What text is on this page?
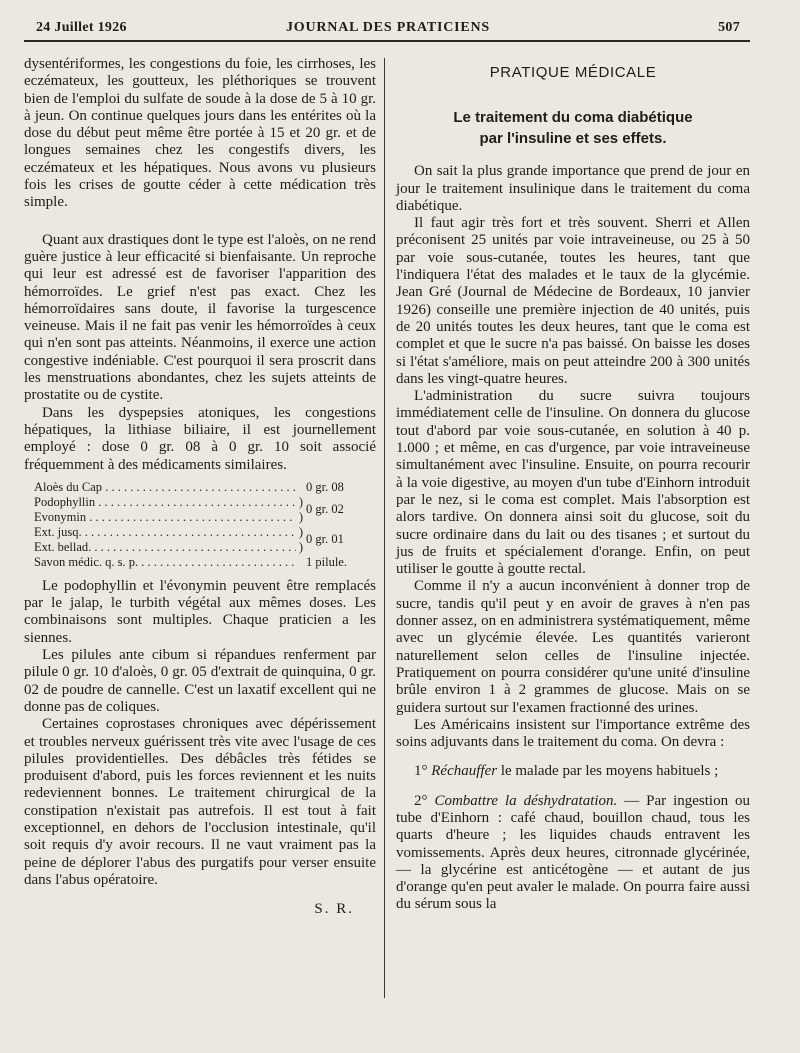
24 Juillet 1926	JOURNAL DES PRATICIENS	507

dysentériformes, les congestions du foie, les cirrhoses, les eczémateux, les goutteux, les pléthoriques se trouvent bien de l'emploi du sulfate de soude à la dose de 5 à 10 gr. à jeun. On continue quelques jours dans les entérites où la dose du début peut même être portée à 15 et 20 gr. et de longues semaines chez les congestifs divers, les eczémateux et les hépatiques. Nous avons vu plusieurs fois les crises de goutte céder à cette médication très simple.

Quant aux drastiques dont le type est l'aloès, on ne rend guère justice à leur efficacité si bienfaisante. Un reproche qui leur est adressé est de favoriser l'apparition des hémorroïdes. Le grief n'est pas exact. Chez les hémorroïdaires sans doute, il favorise la turgescence veineuse. Mais il ne fait pas venir les hémorroïdes à ceux qui n'en sont pas atteints. Néanmoins, il exerce une action congestive indéniable. C'est pourquoi il sera proscrit dans les menstruations abondantes, chez les sujets atteints de prostatite ou de cystite.

Dans les dyspepsies atoniques, les congestions hépatiques, la lithiase biliaire, il est journellement employé : dose 0 gr. 08 à 0 gr. 10 soit associé fréquemment à des médicaments similaires.

Aloès du Cap . . .	0 gr. 08
Podophyllin . . .	)
Evonymin . . .	)
0 gr. 02
Ext. jusq. . . .	)
Ext. bellad. . . .	)
0 gr. 01
Savon médic. q. s. p. . . .	1 pilule.

Le podophyllin et l'évonymin peuvent être remplacés par le jalap, le turbith végétal aux mêmes doses. Les combinaisons sont multiples. Chaque praticien a les siennes.

Les pilules ante cibum si répandues renferment par pilule 0 gr. 10 d'aloès, 0 gr. 05 d'extrait de quinquina, 0 gr. 02 de poudre de cannelle. C'est un laxatif excellent qui ne donne pas de coliques.

Certaines coprostases chroniques avec dépérissement et troubles nerveux guérissent très vite avec l'usage de ces pilules providentielles. Des débâcles très fétides se produisent d'abord, puis les forces reviennent et les nuits redeviennent bonnes. Le traitement chirurgical de la constipation n'existait pas autrefois. Il est tout à fait exceptionnel, en dehors de l'occlusion intestinale, qu'il soit requis d'y avoir recours. Il ne vaut vraiment pas la peine de déplorer l'abus des purgatifs pour verser ensuite dans l'abus opératoire.

S. R.
PRATIQUE MÉDICALE
Le traitement du coma diabétique
par l'insuline et ses effets.

On sait la plus grande importance que prend de jour en jour le traitement insulinique dans le traitement du coma diabétique.

Il faut agir très fort et très souvent. Sherri et Allen préconisent 25 unités par voie intraveineuse, ou 25 à 50 par voie sous-cutanée, toutes les heures, tant que l'indiquera l'état des malades et le taux de la glycémie. Jean Gré (Journal de Médecine de Bordeaux, 10 janvier 1926) conseille une première injection de 40 unités, puis de 20 unités toutes les deux heures, tant que le coma est complet et que le sucre n'a pas baissé. On baisse les doses si l'état s'améliore, mais on peut atteindre 200 à 300 unités dans les vingt-quatre heures.

L'administration du sucre suivra toujours immédiatement celle de l'insuline. On donnera du glucose tout d'abord par voie sous-cutanée, en solution à 40 p. 1.000 ; et même, en cas d'urgence, par voie intraveineuse simultanément avec l'insuline. Ensuite, on pourra recourir à la voie digestive, au moyen d'un tube d'Einhorn introduit par le nez, si le coma est complet. Mais l'absorption est alors tardive. On donnera ainsi soit du glucose, soit du sucre ordinaire dans du lait ou des tisanes ; et surtout du jus de fruits et spécialement d'orange. Enfin, on peut utiliser le goutte à goutte rectal.

Comme il n'y a aucun inconvénient à donner trop de sucre, tandis qu'il peut y en avoir de graves à n'en pas donner assez, on en administrera systématiquement, même avec un glycémie élevée. Les quantités varieront naturellement selon celles de l'insuline injectée. Pratiquement on pourra considérer qu'une unité d'insuline brûle environ 1 à 2 grammes de glucose. Mais on se guidera surtout sur l'examen fractionné des urines.

Les Américains insistent sur l'importance extrême des soins adjuvants dans le traitement du coma. On devra :

1° Réchauffer le malade par les moyens habituels ;

2° Combattre la déshydratation. — Par ingestion ou tube d'Einhorn : café chaud, bouillon chaud, tous les quarts d'heure ; les liquides chauds entravent les vomissements. Après deux heures, citronnade glycérinée, — la glycérine est anticétogène — et autant de jus d'orange qu'en peut avaler le malade. On pourra faire aussi du sérum sous la
